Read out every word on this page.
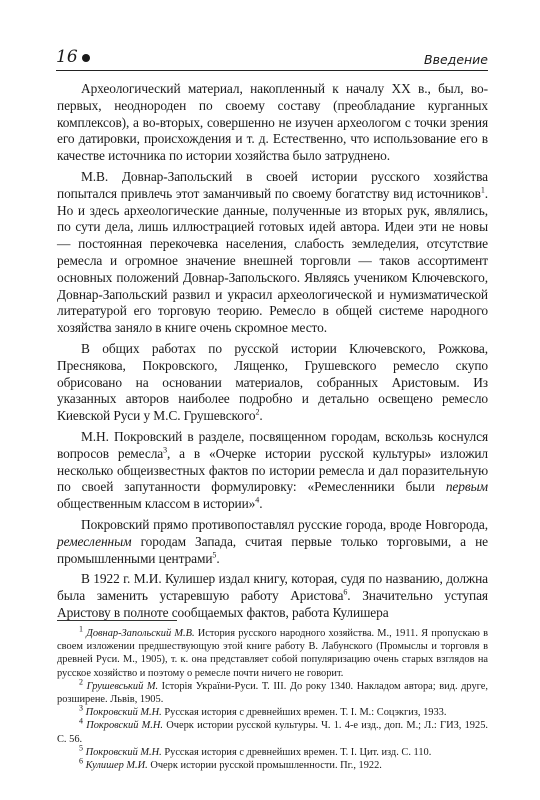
16	Введение

Археологический материал, накопленный к началу XX в., был, во-первых, неоднороден по своему составу (преобладание курганных комплексов), а во-вторых, совершенно не изучен археологом с точки зрения его датировки, происхождения и т. д. Естественно, что использование его в качестве источника по истории хозяйства было затруднено.

М.В. Довнар-Запольский в своей истории русского хозяйства попытался привлечь этот заманчивый по своему богатству вид источников$^1$. Но и здесь археологические данные, полученные из вторых рук, являлись, по сути дела, лишь иллюстрацией готовых идей автора. Идеи эти не новы — постоянная перекочевка населения, слабость земледелия, отсутствие ремесла и огромное значение внешней торговли — таков ассортимент основных положений Довнар-Запольского. Являясь учеником Ключевского, Довнар-Запольский развил и украсил археологической и нумизматической литературой его торговую теорию. Ремесло в общей системе народного хозяйства заняло в книге очень скромное место.

В общих работах по русской истории Ключевского, Рожкова, Преснякова, Покровского, Лященко, Грушевского ремесло скупо обрисовано на основании материалов, собранных Аристовым. Из указанных авторов наиболее подробно и детально освещено ремесло Киевской Руси у М.С. Грушевского$^2$.

М.Н. Покровский в разделе, посвященном городам, вскользь коснулся вопросов ремесла$^3$, а в «Очерке истории русской культуры» изложил несколько общеизвестных фактов по истории ремесла и дал поразительную по своей запутанности формулировку: «Ремесленники были первым общественным классом в истории»$^4$.

Покровский прямо противопоставлял русские города, вроде Новгорода, ремесленным городам Запада, считая первые только торговыми, а не промышленными центрами$^5$.

В 1922 г. М.И. Кулишер издал книгу, которая, судя по названию, должна была заменить устаревшую работу Аристова$^6$. Значительно уступая Аристову в полноте сообщаемых фактов, работа Кулишера

$^1$ Довнар-Запольский М.В. История русского народного хозяйства. М., 1911. Я пропускаю в своем изложении предшествующую этой книге работу В. Лабунского (Промыслы и торговля в древней Руси. М., 1905), т. к. она представляет собой популяризацию очень старых взглядов на русское хозяйство и поэтому о ремесле почти ничего не говорит.

$^2$ Грушевський М. Історія України-Руси. Т. III. До року 1340. Накладом автора; вид. друге, розширене. Львів, 1905.

$^3$ Покровский М.Н. Русская история с древнейших времен. Т. I. М.: Соцэкгиз, 1933.

$^4$ Покровский М.Н. Очерк истории русской культуры. Ч. 1. 4-е изд., доп. М.; Л.: ГИЗ, 1925. С. 56.

$^5$ Покровский М.Н. Русская история с древнейших времен. Т. I. Цит. изд. С. 110.

$^6$ Кулишер М.И. Очерк истории русской промышленности. Пг., 1922.
